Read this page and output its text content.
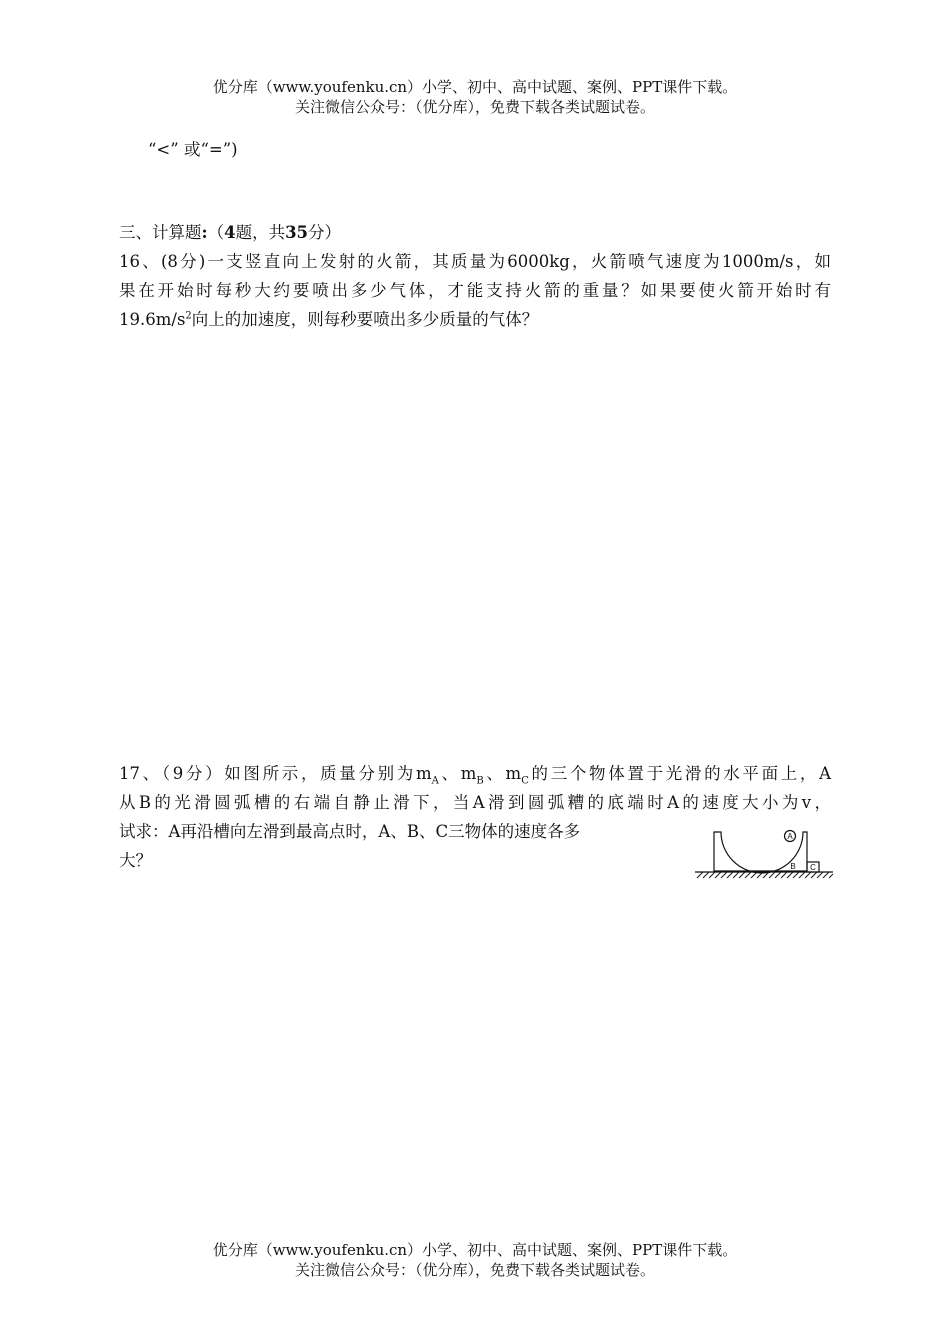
优分库（www.youfenku.cn）小学、初中、高中试题、案例、PPT课件下载。
关注微信公众号：（优分库），免费下载各类试题试卷。
“<” 或“=”)
三、计算题:（4题，共35分）
16、(8分)一支竖直向上发射的火箭，其质量为6000kg，火箭喷气速度为1000m/s，如
果在开始时每秒大约要喷出多少气体，才能支持火箭的重量？如果要使火箭开始时有
$19.6m/s^2$向上的加速度，则每秒要喷出多少质量的气体？
17、（9分）如图所示，质量分别为$m_A$、$m_B$、$m_C$的三个物体置于光滑的水平面上，A
从B的光滑圆弧槽的右端自静止滑下，当A滑到圆弧糟的底端时A的速度大小为v，
试求：A再沿槽向左滑到最高点时，A、B、C三物体的速度各多
大？
A
B C
优分库（www.youfenku.cn）小学、初中、高中试题、案例、PPT课件下载。
关注微信公众号：（优分库），免费下载各类试题试卷。
